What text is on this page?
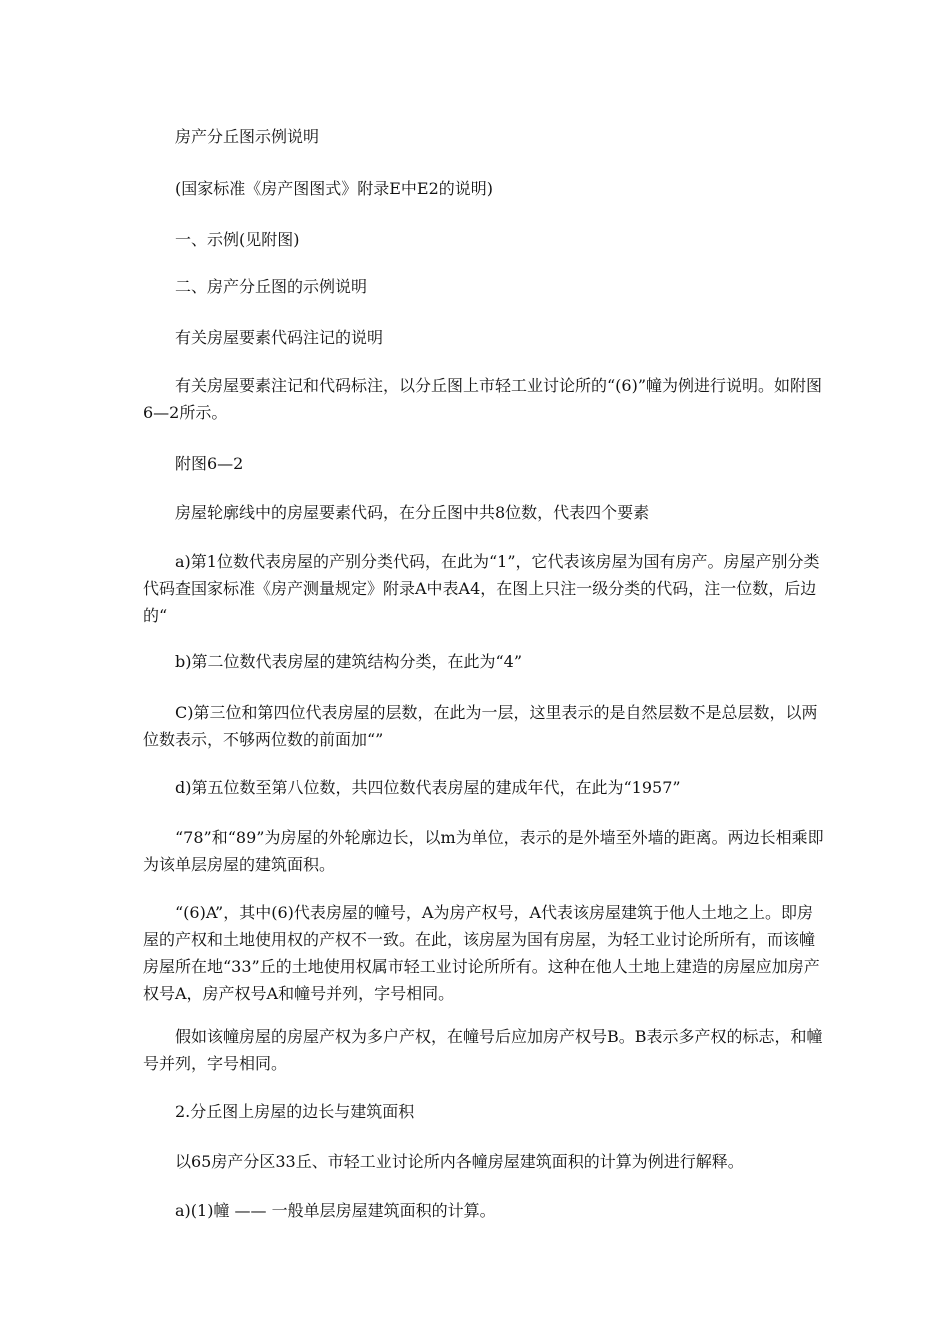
房产分丘图示例说明
(国家标准《房产图图式》附录E中E2的说明)
一、示例(见附图)
二、房产分丘图的示例说明
有关房屋要素代码注记的说明
有关房屋要素注记和代码标注，以分丘图上市轻工业讨论所的“(6)”幢为例进行说明。如附图6—2所示。
附图6—2
房屋轮廓线中的房屋要素代码，在分丘图中共8位数，代表四个要素
a)第1位数代表房屋的产别分类代码，在此为“1”，它代表该房屋为国有房产。房屋产别分类代码查国家标准《房产测量规定》附录A中表A4，在图上只注一级分类的代码，注一位数，后边的“
b)第二位数代表房屋的建筑结构分类，在此为“4”
C)第三位和第四位代表房屋的层数，在此为一层，这里表示的是自然层数不是总层数，以两位数表示，不够两位数的前面加“”
d)第五位数至第八位数，共四位数代表房屋的建成年代，在此为“1957”
“78”和“89”为房屋的外轮廓边长，以m为单位，表示的是外墙至外墙的距离。两边长相乘即为该单层房屋的建筑面积。
“(6)A”，其中(6)代表房屋的幢号，A为房产权号，A代表该房屋建筑于他人土地之上。即房屋的产权和土地使用权的产权不一致。在此，该房屋为国有房屋，为轻工业讨论所所有，而该幢房屋所在地“33”丘的土地使用权属市轻工业讨论所所有。这种在他人土地上建造的房屋应加房产权号A，房产权号A和幢号并列，字号相同。
假如该幢房屋的房屋产权为多户产权，在幢号后应加房产权号B。B表示多产权的标志，和幢号并列，字号相同。
2.分丘图上房屋的边长与建筑面积
以65房产分区33丘、市轻工业讨论所内各幢房屋建筑面积的计算为例进行解释。
a)(1)幢 —— 一般单层房屋建筑面积的计算。
